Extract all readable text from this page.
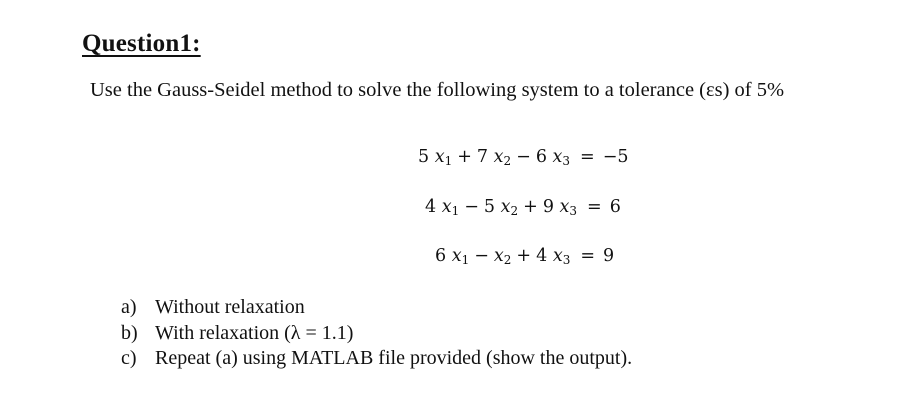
Question1:
Use the Gauss-Seidel method to solve the following system to a tolerance (εs) of 5%
5 $x_1 + 7$ $x_2 - 6$ $x_3 = -5$
4 $x_1 - 5$ $x_2 + 9$ $x_3 = 6$
6 $x_1 - x_2 + 4$ $x_3 = 9$
a) Without relaxation
b) With relaxation (λ = 1.1)
c) Repeat (a) using MATLAB file provided (show the output).
